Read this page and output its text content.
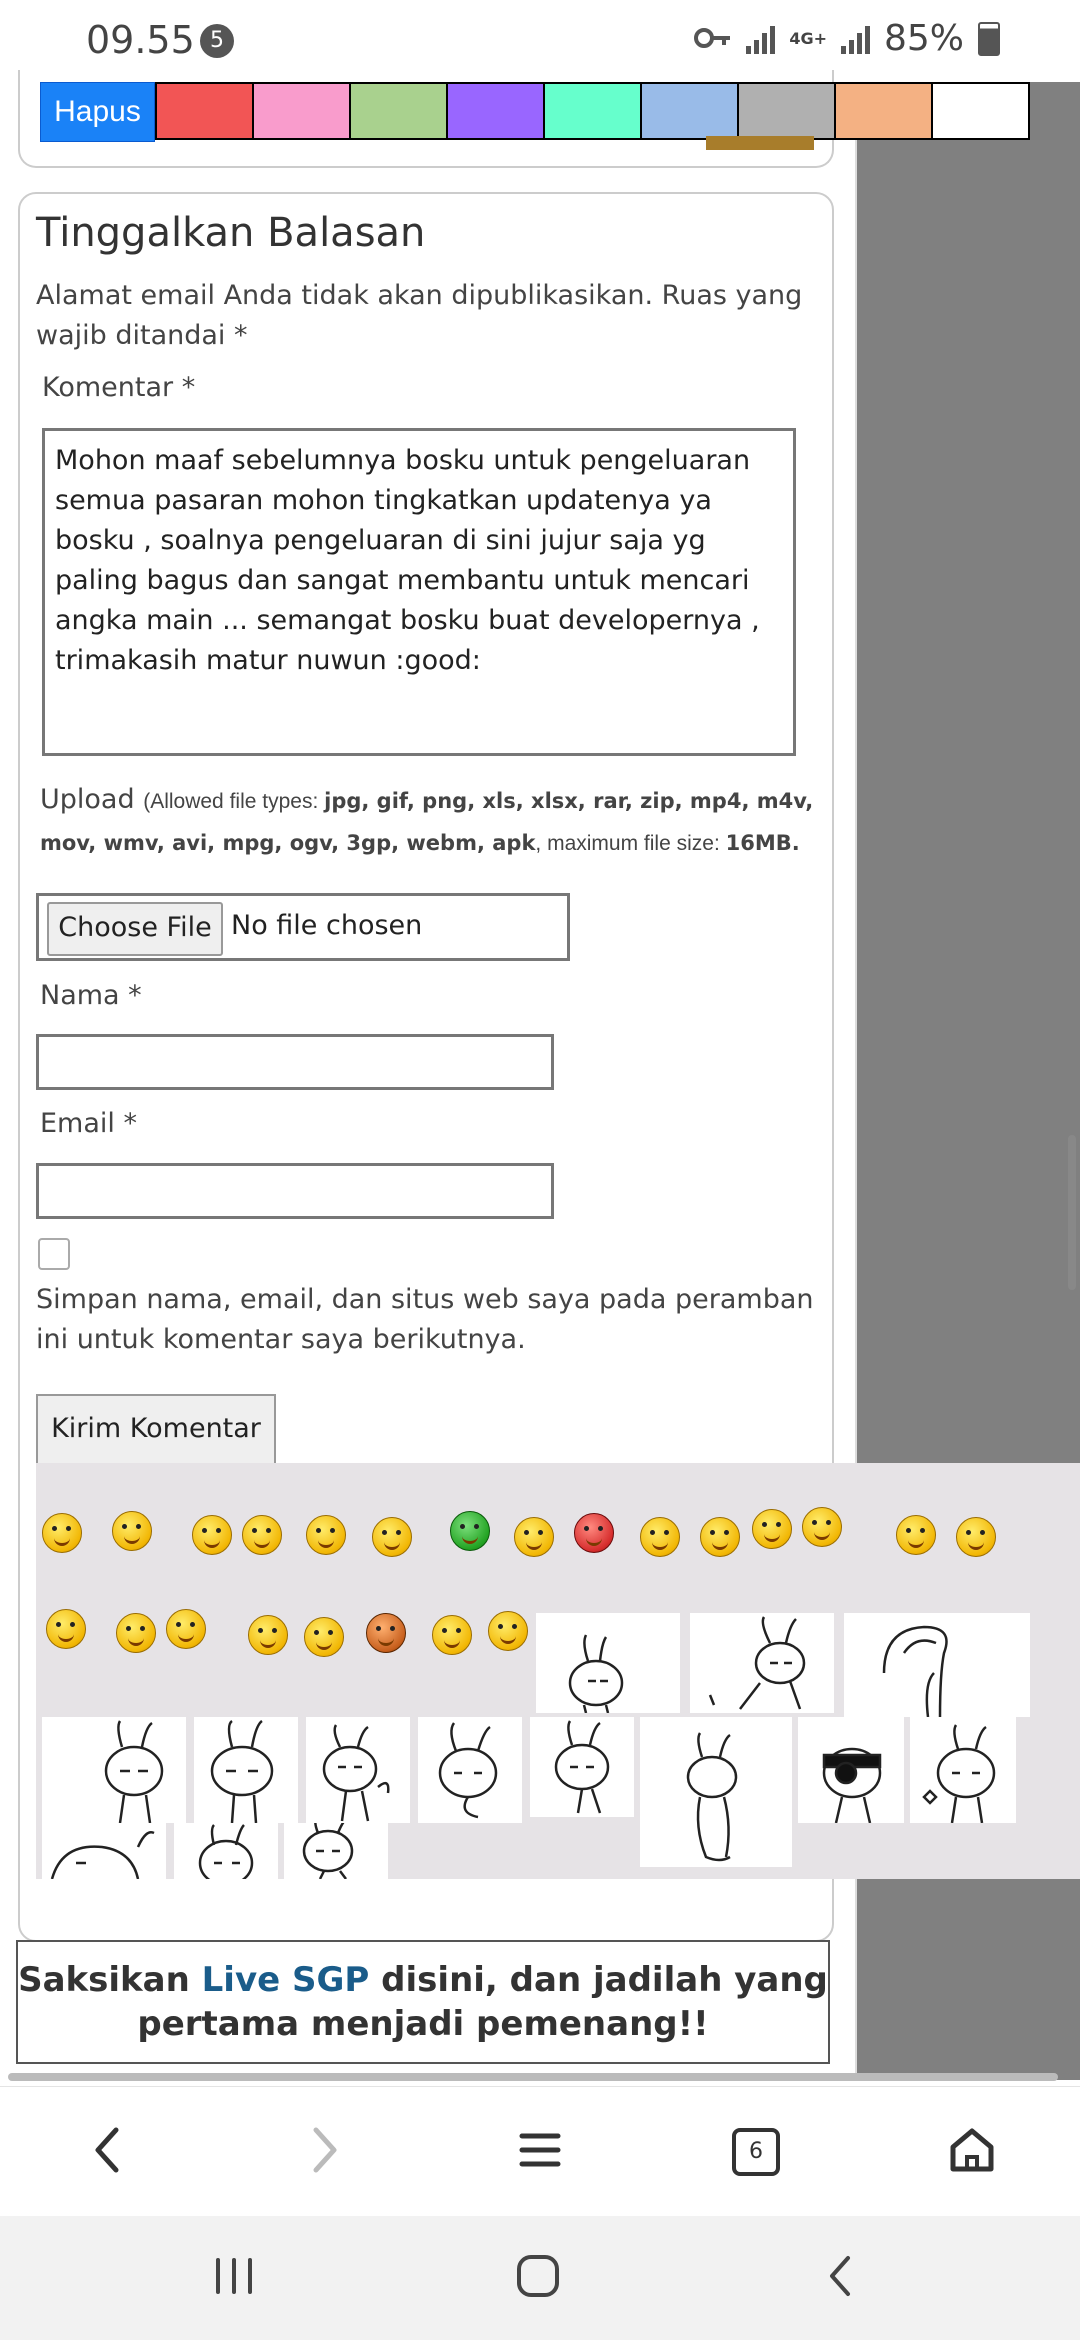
09.55 5	4G+ 85%
Hapus
Tinggalkan Balasan
Alamat email Anda tidak akan dipublikasikan. Ruas yang wajib ditandai *
Komentar *
Mohon maaf sebelumnya bosku untuk pengeluaran semua pasaran mohon tingkatkan updatenya ya bosku , soalnya pengeluaran di sini jujur saja yg paling bagus dan sangat membantu untuk mencari angka main ... semangat bosku buat developernya , trimakasih matur nuwun :good:
Upload (Allowed file types: jpg, gif, png, xls, xlsx, rar, zip, mp4, m4v, mov, wmv, avi, mpg, ogv, 3gp, webm, apk, maximum file size: 16MB.
Choose File No file chosen
Nama *
Email *
Simpan nama, email, dan situs web saya pada peramban ini untuk komentar saya berikutnya.
Kirim Komentar
Saksikan Live SGP disini, dan jadilah yang pertama menjadi pemenang!!
6
